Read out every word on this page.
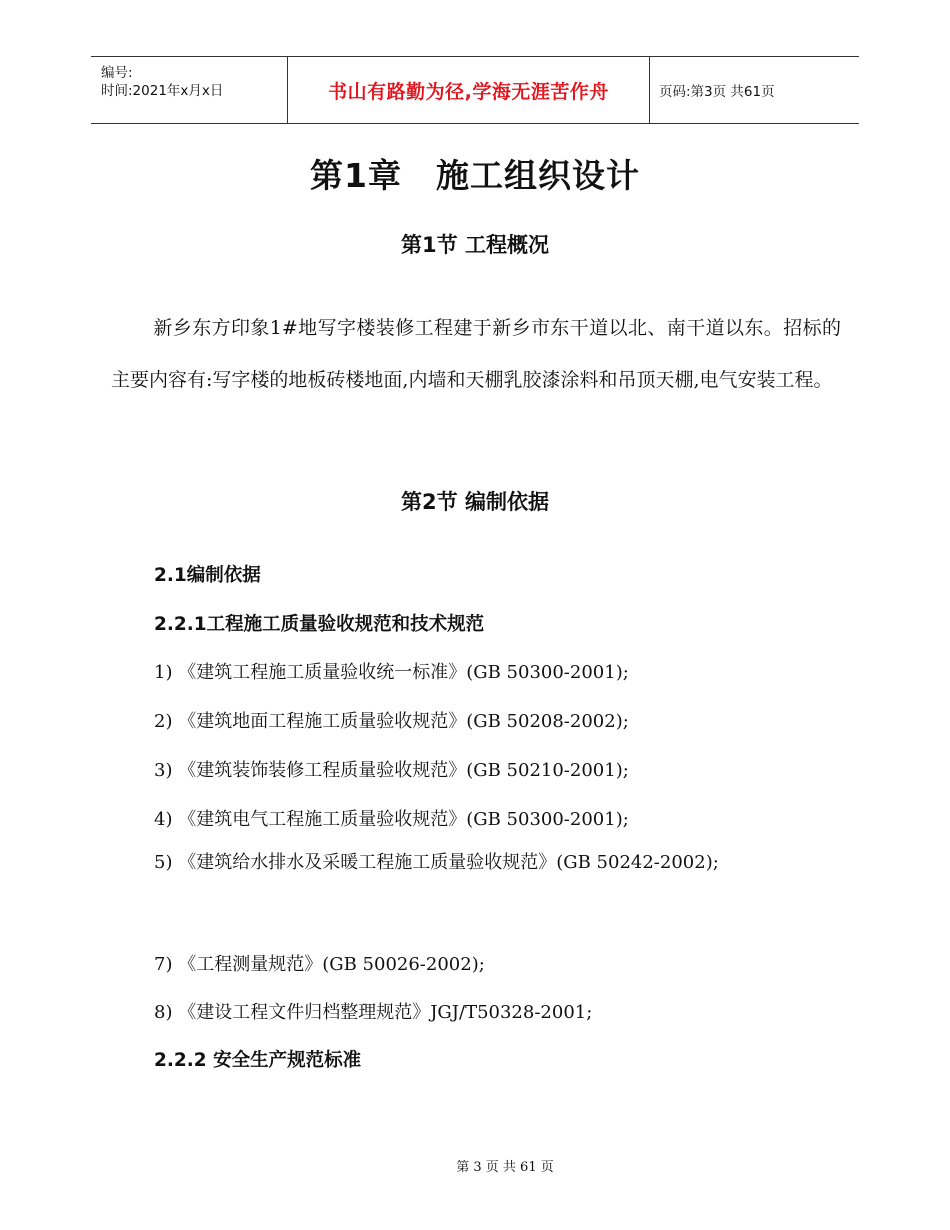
编号:
时间:2021年x月x日	书山有路勤为径,学海无涯苦作舟	页码:第3页 共61页
第1章 施工组织设计
第1节 工程概况
新乡东方印象1#地写字楼装修工程建于新乡市东干道以北、南干道以东。招标的主要内容有:写字楼的地板砖楼地面,内墙和天棚乳胶漆涂料和吊顶天棚,电气安装工程。
第2节 编制依据
2.1编制依据
2.2.1工程施工质量验收规范和技术规范
1) 《建筑工程施工质量验收统一标准》(GB 50300-2001);
2) 《建筑地面工程施工质量验收规范》(GB 50208-2002);
3) 《建筑装饰装修工程质量验收规范》(GB 50210-2001);
4) 《建筑电气工程施工质量验收规范》(GB 50300-2001);
5) 《建筑给水排水及采暖工程施工质量验收规范》(GB 50242-2002);
7) 《工程测量规范》(GB 50026-2002);
8) 《建设工程文件归档整理规范》JGJ/T50328-2001;
2.2.2 安全生产规范标准
第 3 页 共 61 页
